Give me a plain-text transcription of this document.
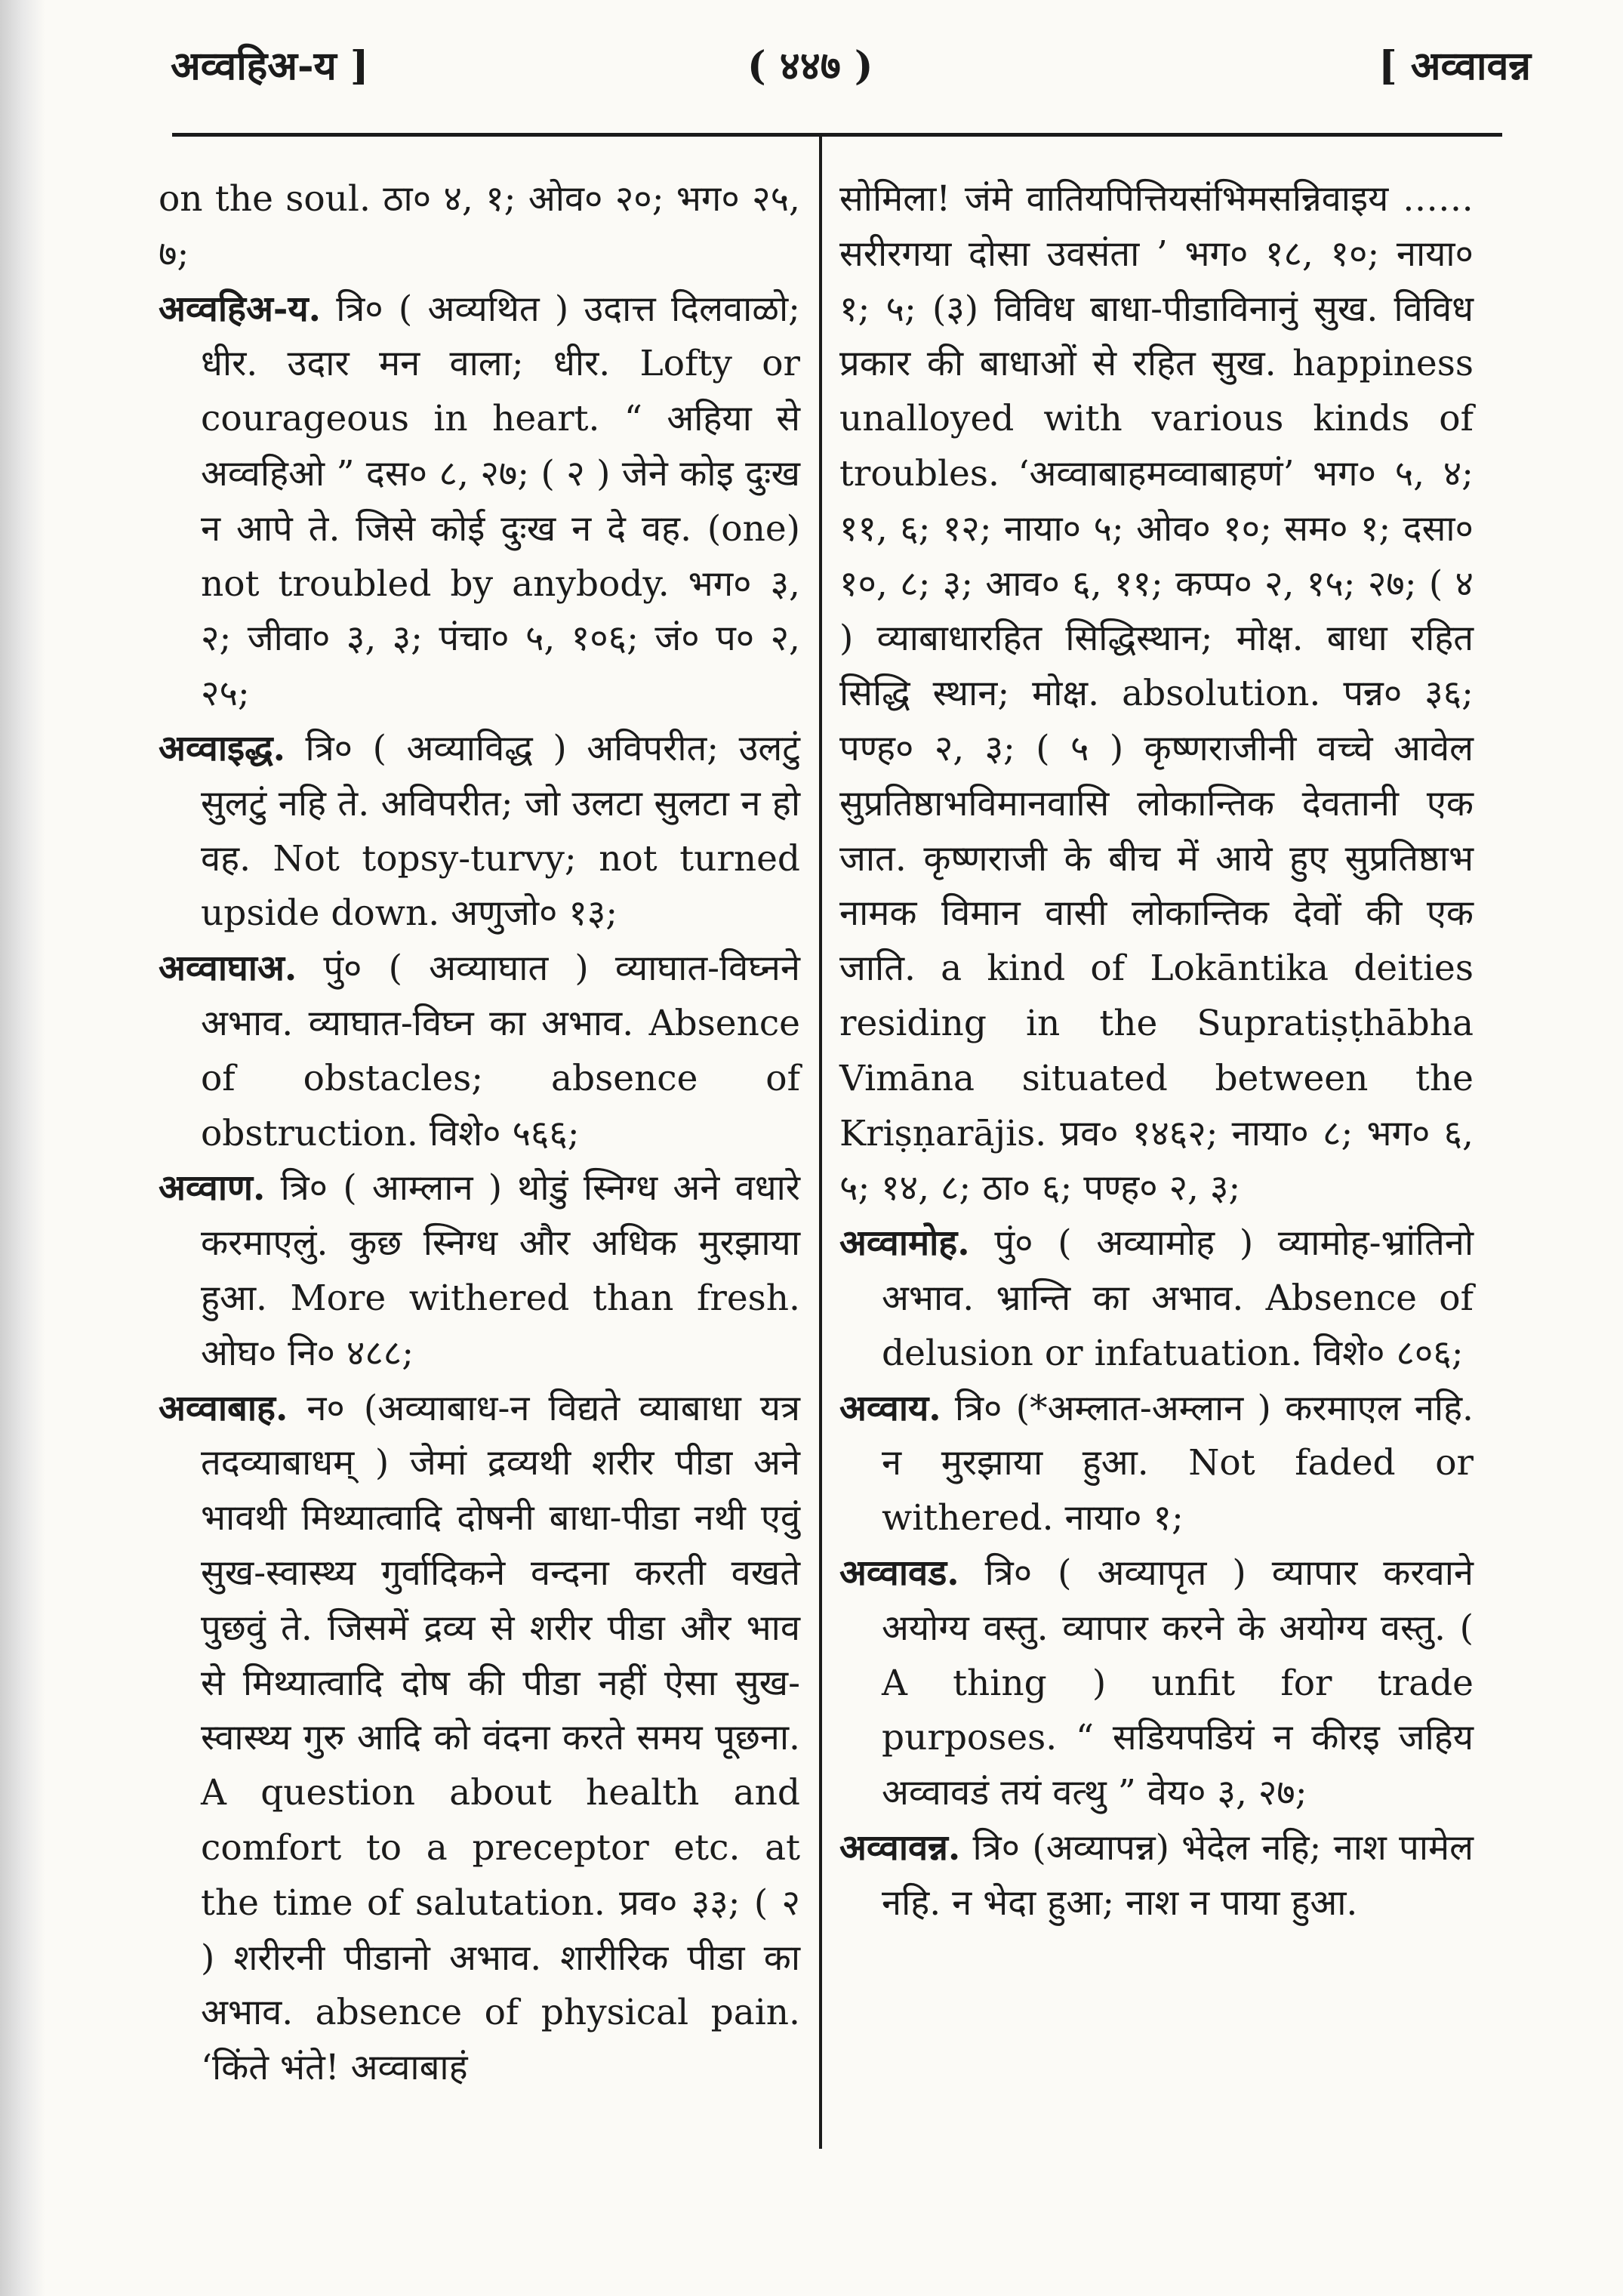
अव्वहिअ-य ]	( ४४७ )	[ अव्वावन्न

on the soul. ठा० ४, १; ओव० २०; भग० २५, ७;

अव्वहिअ-य. त्रि० ( अव्यथित ) उदात्त दिलवाळो; धीर. उदार मन वाला; धीर. Lofty or courageous in heart. “ अहिया से अव्वहिओ ” दस० ८, २७; ( २ ) जेने कोइ दुःख न आपे ते. जिसे कोई दुःख न दे वह. (one) not troubled by anybody. भग० ३, २; जीवा० ३, ३; पंचा० ५, १०६; जं० प० २, २५;

अव्वाइद्ध. त्रि० ( अव्याविद्ध ) अविपरीत; उलटुं सुलटुं नहि ते. अविपरीत; जो उलटा सुलटा न हो वह. Not topsy-turvy; not turned upside down. अणुजो० १३;

अव्वाघाअ. पुं० ( अव्याघात ) व्याघात-विघ्नने अभाव. व्याघात-विघ्न का अभाव. Absence of obstacles; absence of obstruction. विशे० ५६६;

अव्वाण. त्रि० ( आम्लान ) थोडुं स्निग्ध अने वधारे करमाएलुं. कुछ स्निग्ध और अधिक मुरझाया हुआ. More withered than fresh. ओघ० नि० ४८८;

अव्वाबाह. न० (अव्याबाध-न विद्यते व्याबाधा यत्र तदव्याबाधम् ) जेमां द्रव्यथी शरीर पीडा अने भावथी मिथ्यात्वादि दोषनी बाधा-पीडा नथी एवुं सुख-स्वास्थ्य गुर्वादिकने वन्दना करती वखते पुछवुं ते. जिसमें द्रव्य से शरीर पीडा और भाव से मिथ्यात्वादि दोष की पीडा नहीं ऐसा सुख-स्वास्थ्य गुरु आदि को वंदना करते समय पूछना. A question about health and comfort to a preceptor etc. at the time of salutation. प्रव० ३३; ( २ ) शरीरनी पीडानो अभाव. शारीरिक पीडा का अभाव. absence of physical pain. ‘किंते भंते! अव्वाबाहं

सोमिला! जंमे वातियपित्तियसंभिमसन्निवाइय ……सरीरगया दोसा उवसंता ’ भग० १८, १०; नाया० १; ५; (३) विविध बाधा-पीडाविनानुं सुख. विविध प्रकार की बाधाओं से रहित सुख. happiness unalloyed with various kinds of troubles. ‘अव्वाबाहमव्वाबाहणं’ भग० ५, ४; ११, ६; १२; नाया० ५; ओव० १०; सम० १; दसा० १०, ८; ३; आव० ६, ११; कप्प० २, १५; २७; ( ४ ) व्याबाधारहित सिद्धिस्थान; मोक्ष. बाधा रहित सिद्धि स्थान; मोक्ष. absolution. पन्न० ३६; पण्ह० २, ३; ( ५ ) कृष्णराजीनी वच्चे आवेल सुप्रतिष्ठाभविमानवासि लोकान्तिक देवतानी एक जात. कृष्णराजी के बीच में आये हुए सुप्रतिष्ठाभ नामक विमान वासी लोकान्तिक देवों की एक जाति. a kind of Lokāntika deities residing in the Supratiṣṭhābha Vimāna situated between the Kriṣṇarājis. प्रव० १४६२; नाया० ८; भग० ६, ५; १४, ८; ठा० ६; पण्ह० २, ३;

अव्वामोह. पुं० ( अव्यामोह ) व्यामोह-भ्रांतिनो अभाव. भ्रान्ति का अभाव. Absence of delusion or infatuation. विशे० ८०६;

अव्वाय. त्रि० (*अम्लात-अम्लान ) करमाएल नहि. न मुरझाया हुआ. Not faded or withered. नाया० १;

अव्वावड. त्रि० ( अव्यापृत ) व्यापार करवाने अयोग्य वस्तु. व्यापार करने के अयोग्य वस्तु. ( A thing ) unfit for trade purposes. “ सडियपडियं न कीरइ जहिय अव्वावडं तयं वत्थु ” वेय० ३, २७;

अव्वावन्न. त्रि० (अव्यापन्न) भेदेल नहि; नाश पामेल नहि. न भेदा हुआ; नाश न पाया हुआ.
